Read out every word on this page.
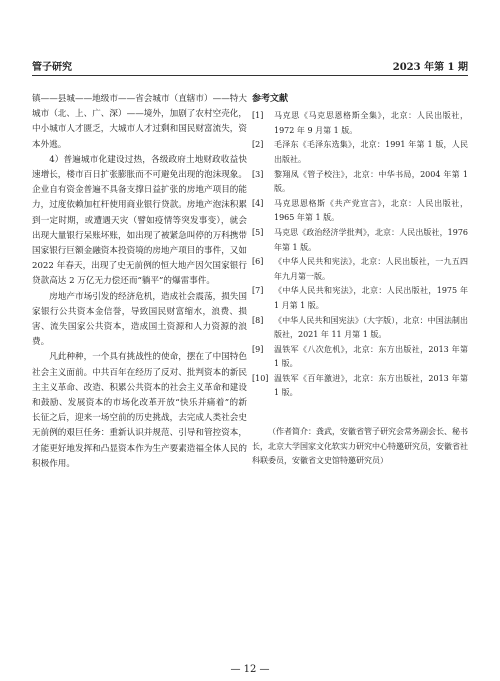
管子研究	2023 年第 1 期

镇——县城——地级市——省会城市（直辖市）——特大城市（北、上、广、深）——境外，加剧了农村空壳化，中小城市人才匮乏，大城市人才过剩和国民财富流失，资本外逃。

4）普遍城市化建设过热，各级政府土地财政收益快速增长，楼市百日扩张膨胀而不可避免出现的泡沫现象。企业自有资金普遍不具备支撑日益扩张的房地产项目的能力，过度依赖加杠杆使用商业银行贷款。房地产泡沫积累到一定时期，或遭遇天灾（譬如疫情等突发事变），就会出现大量银行呆账坏账，如出现了被紧急叫停的万科携带国家银行巨额金融资本投资境的房地产项目的事件，又如 2022 年春天，出现了史无前例的恒大地产因欠国家银行贷款高达 2 万亿无力偿还而“躺平”的爆雷事件。

房地产市场引发的经济危机，造成社会震荡，损失国家银行公共资本金信誉，导致国民财富缩水，浪费、损害、流失国家公共资本，造成国土资源和人力资源的浪费。

凡此种种，一个具有挑战性的使命，摆在了中国特色社会主义面前。中共百年在经历了反对、批判资本的新民主主义革命、改造、积累公共资本的社会主义革命和建设和鼓励、发展资本的市场化改革开放“快乐并痛着”的新长征之后，迎来一场空前的历史挑战，去完成人类社会史无前例的艰巨任务：重新认识并规范、引导和管控资本，才能更好地发挥和凸显资本作为生产要素造福全体人民的积极作用。

参考文献

[1]	马克思《马克思恩格斯全集》，北京：人民出版社，1972 年 9 月第 1 版。
[2]	毛泽东《毛泽东选集》，北京：1991 年第 1 版，人民出版社。
[3]	黎翔凤《管子校注》，北京：中华书局，2004 年第 1 版。
[4]	马克思恩格斯《共产党宣言》，北京：人民出版社，1965 年第 1 版。
[5]	马克思《政治经济学批判》，北京：人民出版社，1976 年第 1 版。
[6]	《中华人民共和宪法》，北京：人民出版社，一九五四年九月第一版。
[7]	《中华人民共和宪法》，北京：人民出版社，1975 年 1 月第 1 版。
[8]	《中华人民共和国宪法》（大字版），北京：中国法制出版社，2021 年 11 月第 1 版。
[9]	温铁军《八次危机》，北京：东方出版社，2013 年第 1 版。
[10] 温铁军《百年激进》，北京：东方出版社，2013 年第 1 版。

（作者简介：龚武，安徽省管子研究会常务副会长、秘书长，北京大学国家文化软实力研究中心特邀研究员，安徽省社科联委员，安徽省文史馆特邀研究员）

— 12 —
